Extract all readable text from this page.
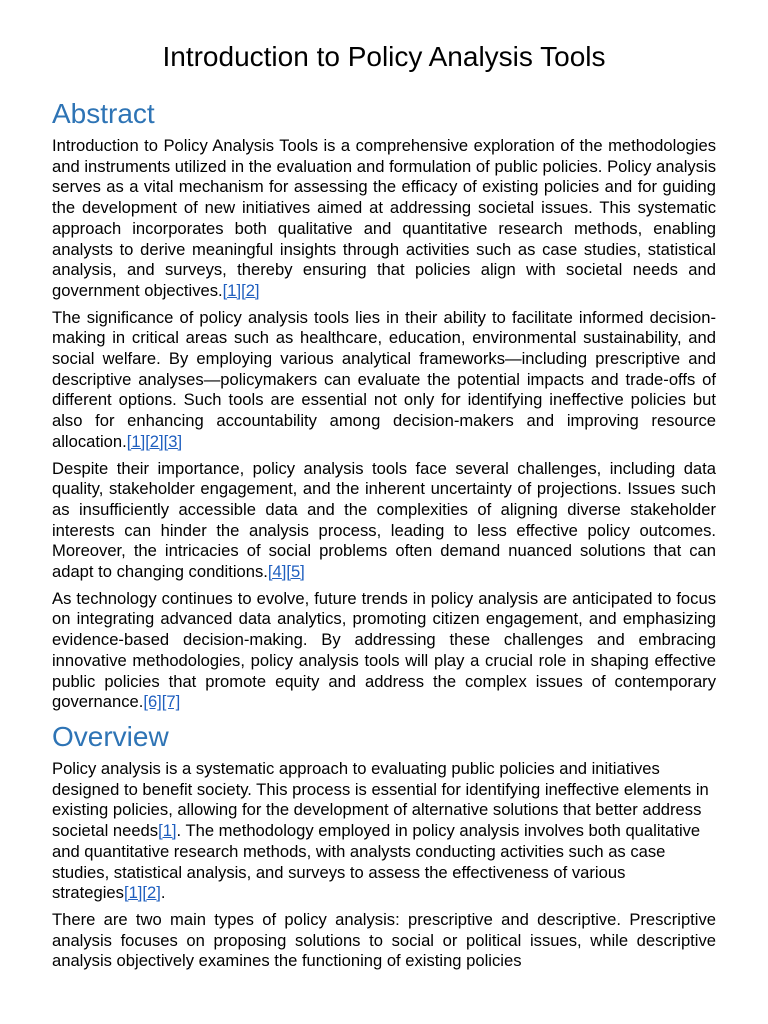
Introduction to Policy Analysis Tools
Abstract

Introduction to Policy Analysis Tools is a comprehensive exploration of the methodologies and instruments utilized in the evaluation and formulation of public policies. Policy analysis serves as a vital mechanism for assessing the efficacy of existing policies and for guiding the development of new initiatives aimed at addressing societal issues. This systematic approach incorporates both qualitative and quantitative research methods, enabling analysts to derive meaningful insights through activities such as case studies, statistical analysis, and surveys, thereby ensuring that policies align with societal needs and government objectives.[1][2]

The significance of policy analysis tools lies in their ability to facilitate informed decision-making in critical areas such as healthcare, education, environmental sustainability, and social welfare. By employing various analytical frameworks—including prescriptive and descriptive analyses—policymakers can evaluate the potential impacts and trade-offs of different options. Such tools are essential not only for identifying ineffective policies but also for enhancing accountability among decision-makers and improving resource allocation.[1][2][3]

Despite their importance, policy analysis tools face several challenges, including data quality, stakeholder engagement, and the inherent uncertainty of projections. Issues such as insufficiently accessible data and the complexities of aligning diverse stakeholder interests can hinder the analysis process, leading to less effective policy outcomes. Moreover, the intricacies of social problems often demand nuanced solutions that can adapt to changing conditions.[4][5]

As technology continues to evolve, future trends in policy analysis are anticipated to focus on integrating advanced data analytics, promoting citizen engagement, and emphasizing evidence-based decision-making. By addressing these challenges and embracing innovative methodologies, policy analysis tools will play a crucial role in shaping effective public policies that promote equity and address the complex issues of contemporary governance.[6][7]

Overview

Policy analysis is a systematic approach to evaluating public policies and initiatives designed to benefit society. This process is essential for identifying ineffective elements in existing policies, allowing for the development of alternative solutions that better address societal needs[1]. The methodology employed in policy analysis involves both qualitative and quantitative research methods, with analysts conducting activities such as case studies, statistical analysis, and surveys to assess the effectiveness of various strategies[1][2].

There are two main types of policy analysis: prescriptive and descriptive. Prescriptive analysis focuses on proposing solutions to social or political issues, while descriptive analysis objectively examines the functioning of existing policies
